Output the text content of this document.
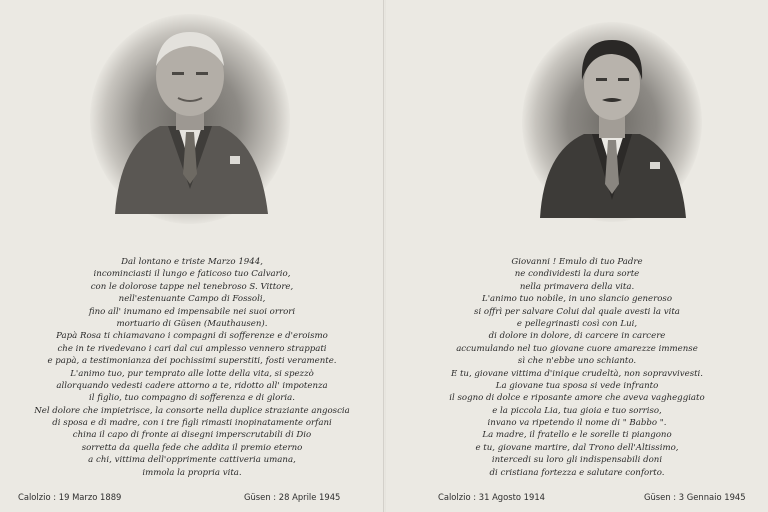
Dal lontano e triste Marzo 1944,
incominciasti il lungo e faticoso tuo Calvario,
con le dolorose tappe nel tenebroso S. Vittore,
nell'estenuante Campo di Fossoli,
fino all' inumano ed impensabile nei suoi orrori
mortuario di Güsen (Mauthausen).
Papà Rosa ti chiamavano i compagni di sofferenze e d'eroismo
che in te rivedevano i cari dal cui amplesso vennero strappati
e papà, a testimonianza dei pochissimi superstiti, fosti veramente.
L'animo tuo, pur temprato alle lotte della vita, si spezzò
allorquando vedesti cadere attorno a te, ridotto all' impotenza
il figlio, tuo compagno di sofferenza e di gloria.
Nel dolore che impietrisce, la consorte nella duplice straziante angoscia
di sposa e di madre, con i tre figli rimasti inopinatamente orfani
china il capo di fronte ai disegni imperscrutabili di Dio
sorretta da quella fede che addita il premio eterno
a chi, vittima dell'opprimente cattiveria umana,
immola la propria vita.
Calolzio : 19 Marzo 1889	Güsen : 28 Aprile 1945
Giovanni ! Emulo di tuo Padre
ne condividesti la dura sorte
nella primavera della vita.
L'animo tuo nobile, in uno slancio generoso
si offrì per salvare Colui dal quale avesti la vita
e pellegrinasti così con Lui,
di dolore in dolore, di carcere in carcere
accumulando nel tuo giovane cuore amarezze immense
sì che n'ebbe uno schianto.
E tu, giovane vittima d'inique crudeltà, non sopravvivesti.
La giovane tua sposa si vede infranto
il sogno di dolce e riposante amore che aveva vagheggiato
e la piccola Lia, tua gioia e tuo sorriso,
invano va ripetendo il nome di " Babbo ".
La madre, il fratello e le sorelle ti piangono
e tu, giovane martire, dal Trono dell'Altissimo,
intercedi su loro gli indispensabili doni
di cristiana fortezza e salutare conforto.
Calolzio : 31 Agosto 1914	Güsen : 3 Gennaio 1945
